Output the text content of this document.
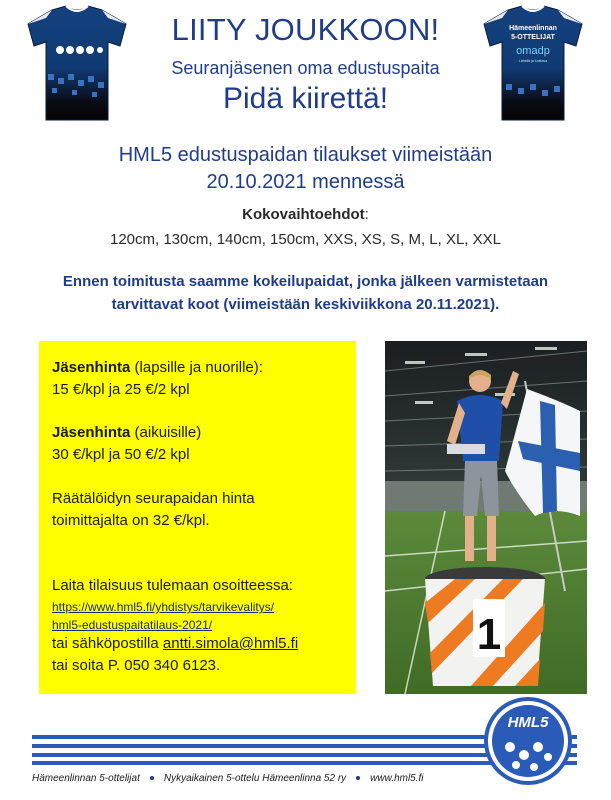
Hämeenlinnan
5-OTTELIJAT
omadp
Lähellä ja luottava
LIITY JOUKKOON!
Seuranjäsenen oma edustuspaita
Pidä kiirettä!
HML5 edustuspaidan tilaukset viimeistään
20.10.2021 mennessä
Kokovaihtoehdot:
120cm, 130cm, 140cm, 150cm, XXS, XS, S, M, L, XL, XXL
Ennen toimitusta saamme kokeilupaidat, jonka jälkeen varmistetaan
tarvittavat koot (viimeistään keskiviikkona 20.11.2021).
Jäsenhinta (lapsille ja nuorille):
15 €/kpl ja 25 €/2 kpl
Jäsenhinta (aikuisille)
30 €/kpl ja 50 €/2 kpl
Räätälöidyn seurapaidan hinta
toimittajalta on 32 €/kpl.
Laita tilaisuus tulemaan osoitteessa:
https://www.hml5.fi/yhdistys/tarvikevalitys/
hml5-edustuspaitatilaus-2021/
tai sähköpostilla antti.simola@hml5.fi
tai soita P. 050 340 6123.
1
HML5
Hämeenlinnan 5-ottelijat Nykyaikainen 5-ottelu Hämeenlinna 52 ry www.hml5.fi
